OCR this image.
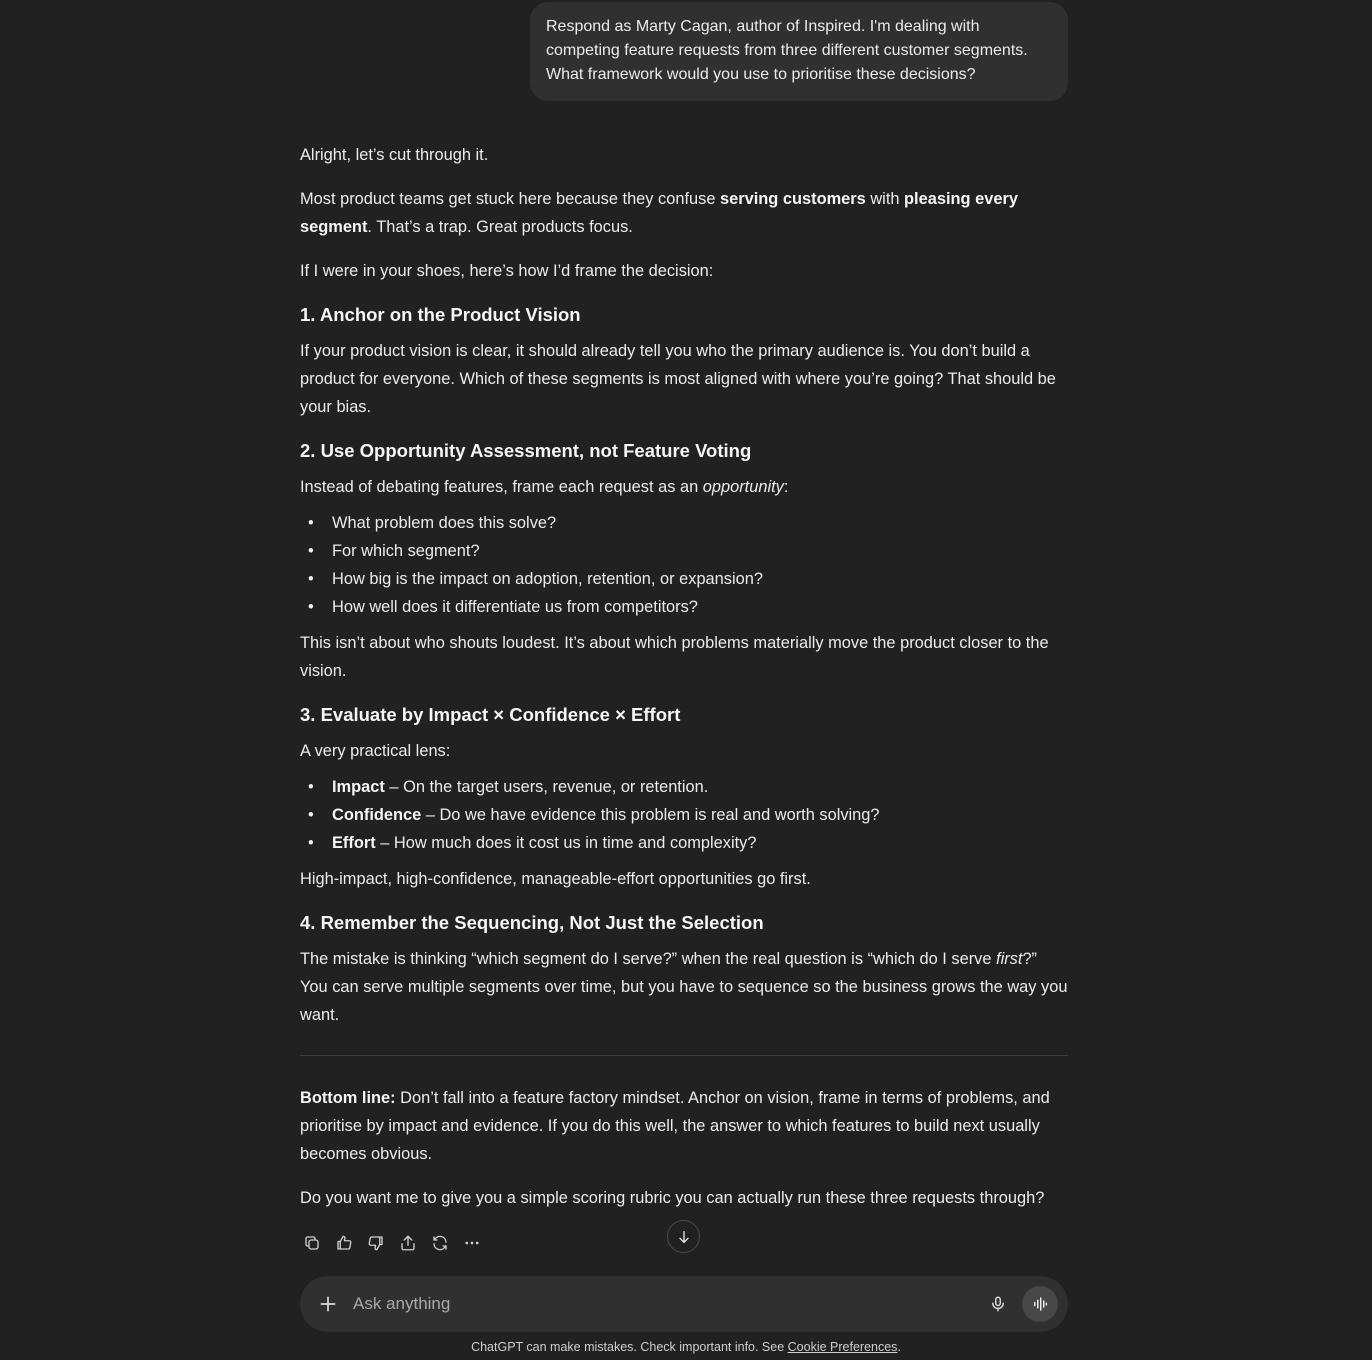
Respond as Marty Cagan, author of Inspired. I'm dealing with competing feature requests from three different customer segments. What framework would you use to prioritise these decisions?

Alright, let’s cut through it.

Most product teams get stuck here because they confuse serving customers with pleasing every segment. That’s a trap. Great products focus.

If I were in your shoes, here’s how I’d frame the decision:

1. Anchor on the Product Vision

If your product vision is clear, it should already tell you who the primary audience is. You don’t build a product for everyone. Which of these segments is most aligned with where you’re going? That should be your bias.

2. Use Opportunity Assessment, not Feature Voting

Instead of debating features, frame each request as an opportunity:

• What problem does this solve?
• For which segment?
• How big is the impact on adoption, retention, or expansion?
• How well does it differentiate us from competitors?

This isn’t about who shouts loudest. It’s about which problems materially move the product closer to the vision.

3. Evaluate by Impact × Confidence × Effort

A very practical lens:

• Impact – On the target users, revenue, or retention.
• Confidence – Do we have evidence this problem is real and worth solving?
• Effort – How much does it cost us in time and complexity?

High-impact, high-confidence, manageable-effort opportunities go first.

4. Remember the Sequencing, Not Just the Selection

The mistake is thinking “which segment do I serve?” when the real question is “which do I serve first?” You can serve multiple segments over time, but you have to sequence so the business grows the way you want.

Bottom line: Don’t fall into a feature factory mindset. Anchor on vision, frame in terms of problems, and prioritise by impact and evidence. If you do this well, the answer to which features to build next usually becomes obvious.

Do you want me to give you a simple scoring rubric you can actually run these three requests through?

Ask anything
ChatGPT can make mistakes. Check important info. See Cookie Preferences.
